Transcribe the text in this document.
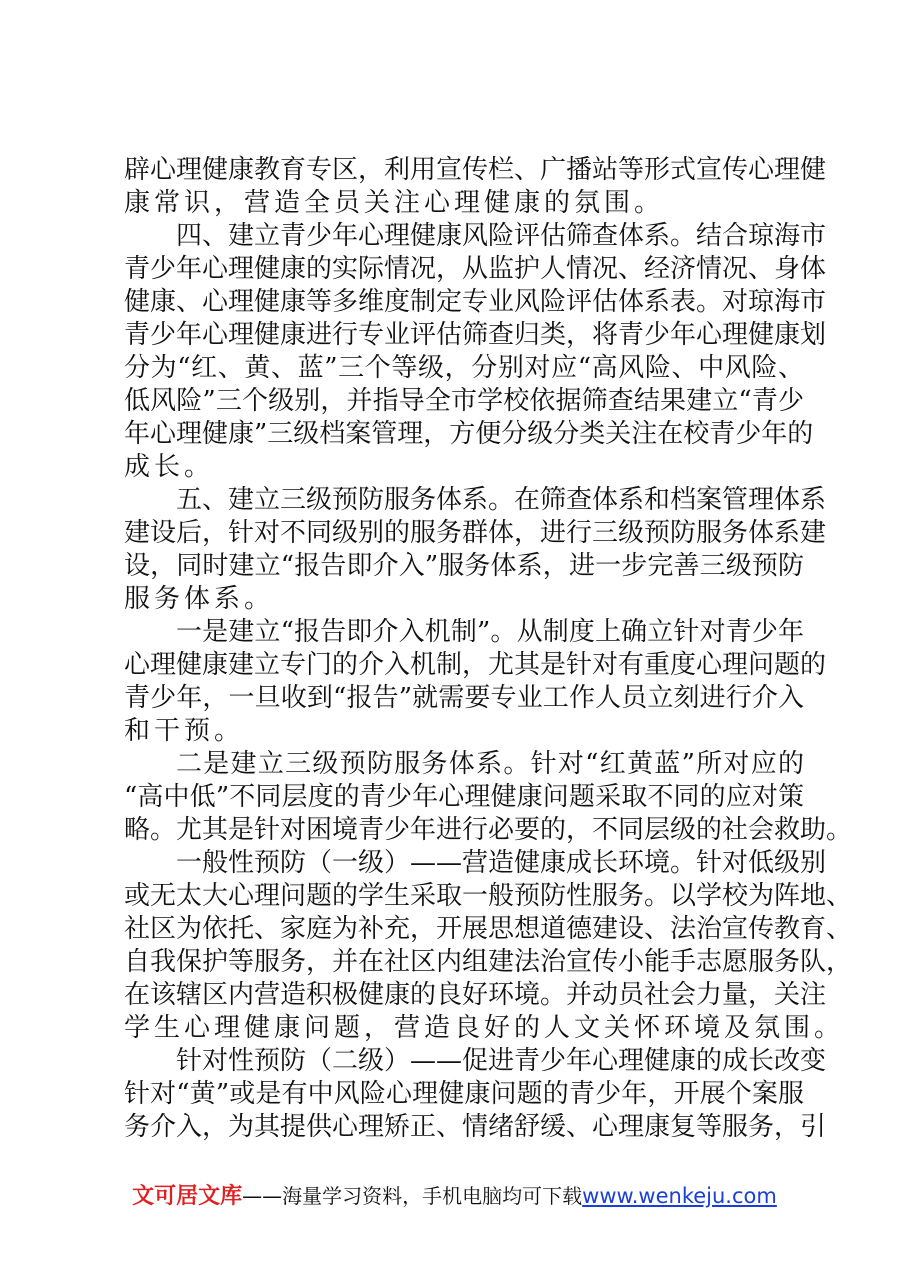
辟心理健康教育专区，利用宣传栏、广播站等形式宣传心理健
康常识，营造全员关注心理健康的氛围。
四、建立青少年心理健康风险评估筛查体系。结合琼海市
青少年心理健康的实际情况，从监护人情况、经济情况、身体
健康、心理健康等多维度制定专业风险评估体系表。对琼海市
青少年心理健康进行专业评估筛查归类，将青少年心理健康划
分为“红、黄、蓝”三个等级，分别对应“高风险、中风险、
低风险”三个级别，并指导全市学校依据筛查结果建立“青少
年心理健康”三级档案管理，方便分级分类关注在校青少年的
成长。
五、建立三级预防服务体系。在筛查体系和档案管理体系
建设后，针对不同级别的服务群体，进行三级预防服务体系建
设，同时建立“报告即介入”服务体系，进一步完善三级预防
服务体系。
一是建立“报告即介入机制”。从制度上确立针对青少年
心理健康建立专门的介入机制，尤其是针对有重度心理问题的
青少年，一旦收到“报告”就需要专业工作人员立刻进行介入
和干预。
二是建立三级预防服务体系。针对“红黄蓝”所对应的
“高中低”不同层度的青少年心理健康问题采取不同的应对策
略。尤其是针对困境青少年进行必要的，不同层级的社会救助。
一般性预防（一级）——营造健康成长环境。针对低级别
或无太大心理问题的学生采取一般预防性服务。以学校为阵地、
社区为依托、家庭为补充，开展思想道德建设、法治宣传教育、
自我保护等服务，并在社区内组建法治宣传小能手志愿服务队，
在该辖区内营造积极健康的良好环境。并动员社会力量，关注
学生心理健康问题，营造良好的人文关怀环境及氛围。
针对性预防（二级）——促进青少年心理健康的成长改变
针对“黄”或是有中风险心理健康问题的青少年，开展个案服
务介入，为其提供心理矫正、情绪舒缓、心理康复等服务，引
文可居文库——海量学习资料，手机电脑均可下载www.wenkeju.com
